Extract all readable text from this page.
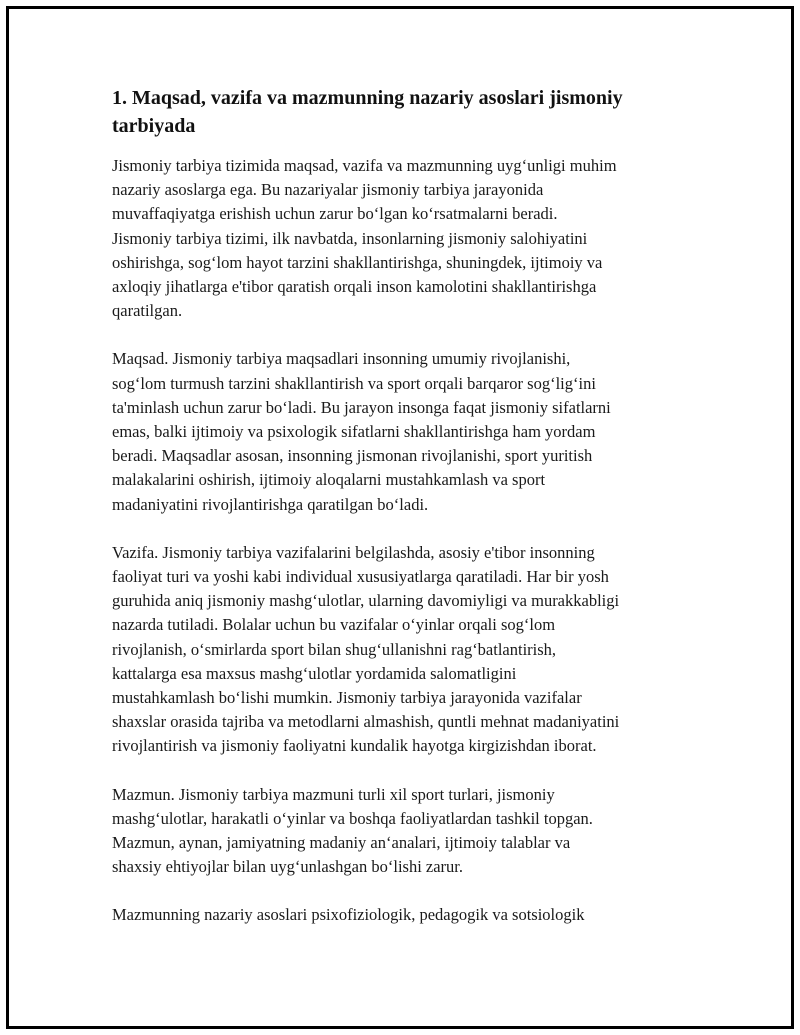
1. Maqsad, vazifa va mazmunning nazariy asoslari jismoniy
tarbiyada

Jismoniy tarbiya tizimida maqsad, vazifa va mazmunning uyg‘unligi muhim
nazariy asoslarga ega. Bu nazariyalar jismoniy tarbiya jarayonida
muvaffaqiyatga erishish uchun zarur bo‘lgan ko‘rsatmalarni beradi.
Jismoniy tarbiya tizimi, ilk navbatda, insonlarning jismoniy salohiyatini
oshirishga, sog‘lom hayot tarzini shakllantirishga, shuningdek, ijtimoiy va
axloqiy jihatlarga e'tibor qaratish orqali inson kamolotini shakllantirishga
qaratilgan.

Maqsad. Jismoniy tarbiya maqsadlari insonning umumiy rivojlanishi,
sog‘lom turmush tarzini shakllantirish va sport orqali barqaror sog‘lig‘ini
ta'minlash uchun zarur bo‘ladi. Bu jarayon insonga faqat jismoniy sifatlarni
emas, balki ijtimoiy va psixologik sifatlarni shakllantirishga ham yordam
beradi. Maqsadlar asosan, insonning jismonan rivojlanishi, sport yuritish
malakalarini oshirish, ijtimoiy aloqalarni mustahkamlash va sport
madaniyatini rivojlantirishga qaratilgan bo‘ladi.

Vazifa. Jismoniy tarbiya vazifalarini belgilashda, asosiy e'tibor insonning
faoliyat turi va yoshi kabi individual xususiyatlarga qaratiladi. Har bir yosh
guruhida aniq jismoniy mashg‘ulotlar, ularning davomiyligi va murakkabligi
nazarda tutiladi. Bolalar uchun bu vazifalar o‘yinlar orqali sog‘lom
rivojlanish, o‘smirlarda sport bilan shug‘ullanishni rag‘batlantirish,
kattalarga esa maxsus mashg‘ulotlar yordamida salomatligini
mustahkamlash bo‘lishi mumkin. Jismoniy tarbiya jarayonida vazifalar
shaxslar orasida tajriba va metodlarni almashish, quntli mehnat madaniyatini
rivojlantirish va jismoniy faoliyatni kundalik hayotga kirgizishdan iborat.

Mazmun. Jismoniy tarbiya mazmuni turli xil sport turlari, jismoniy
mashg‘ulotlar, harakatli o‘yinlar va boshqa faoliyatlardan tashkil topgan.
Mazmun, aynan, jamiyatning madaniy an‘analari, ijtimoiy talablar va
shaxsiy ehtiyojlar bilan uyg‘unlashgan bo‘lishi zarur.

Mazmunning nazariy asoslari psixofiziologik, pedagogik va sotsiologik
